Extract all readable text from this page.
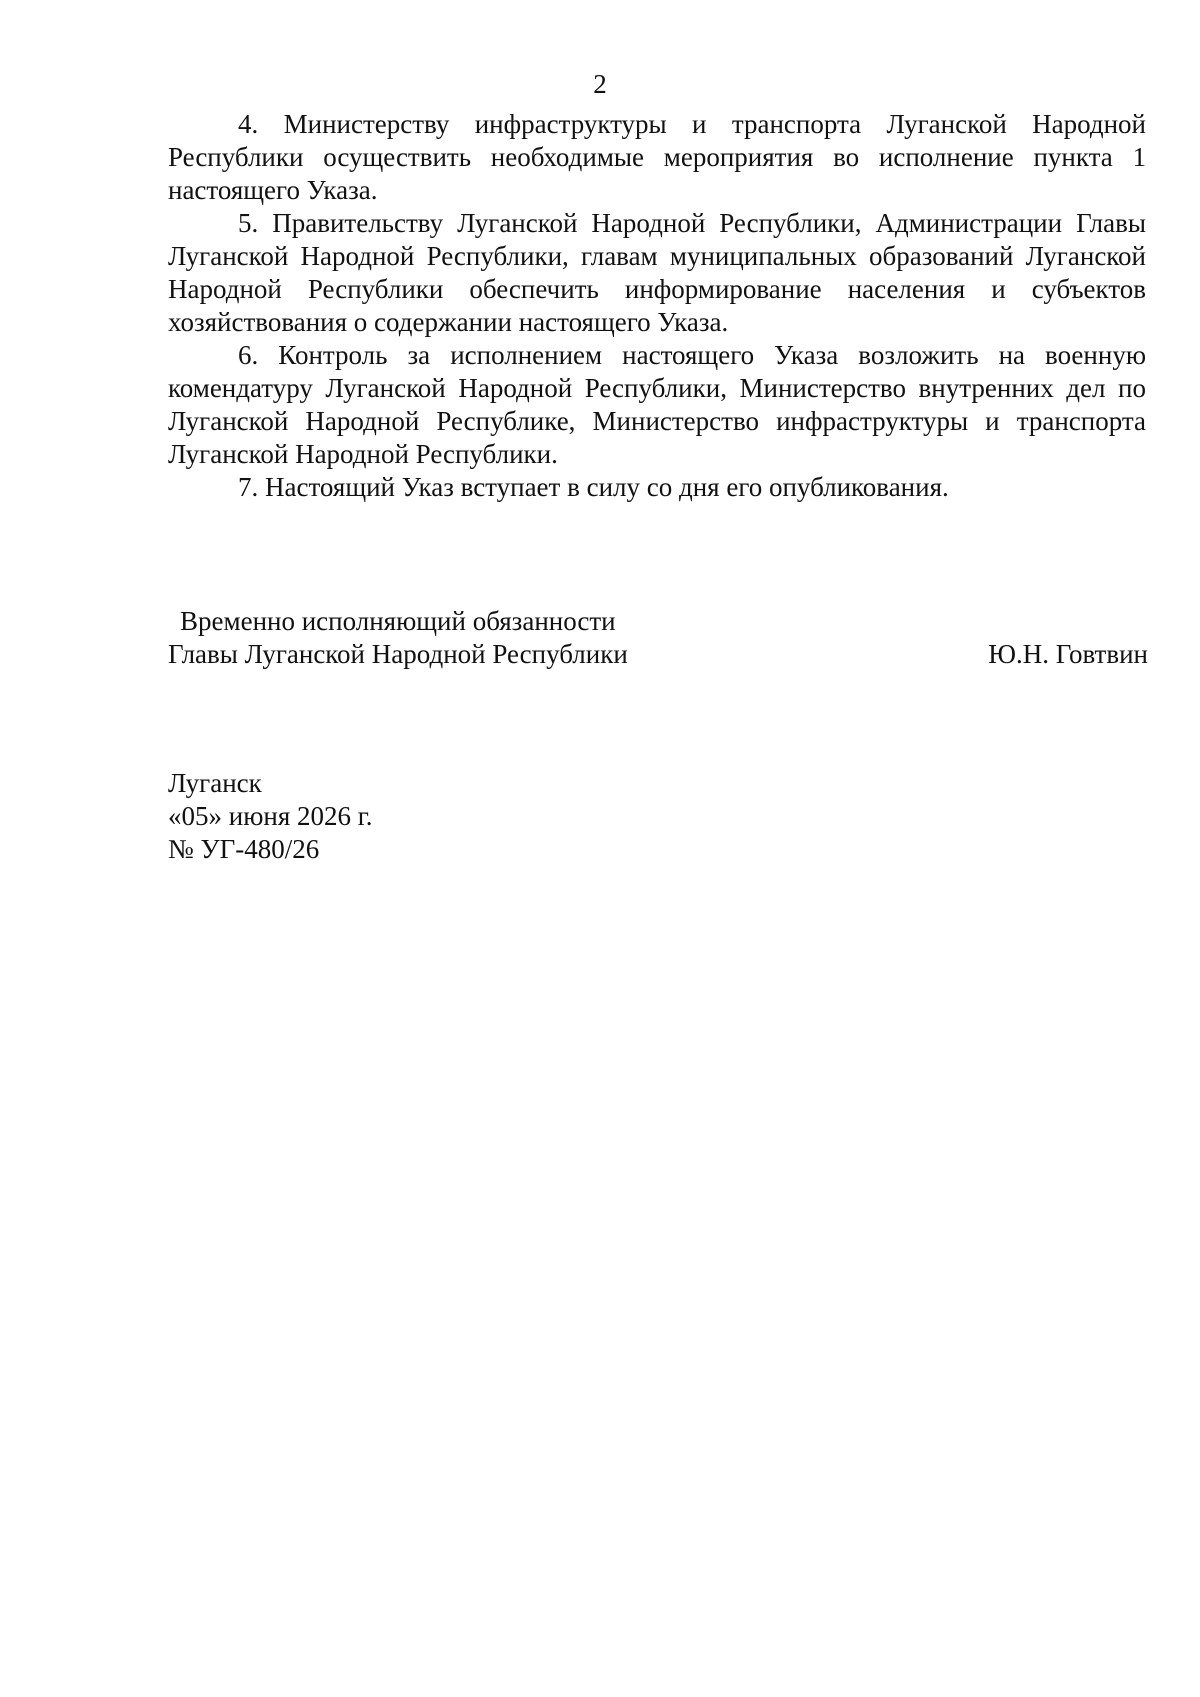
2

4. Министерству инфраструктуры и транспорта Луганской Народной Республики осуществить необходимые мероприятия во исполнение пункта 1 настоящего Указа.

5. Правительству Луганской Народной Республики, Администрации Главы Луганской Народной Республики, главам муниципальных образований Луганской Народной Республики обеспечить информирование населения и субъектов хозяйствования о содержании настоящего Указа.

6. Контроль за исполнением настоящего Указа возложить на военную комендатуру Луганской Народной Республики, Министерство внутренних дел по Луганской Народной Республике, Министерство инфраструктуры и транспорта Луганской Народной Республики.

7. Настоящий Указ вступает в силу со дня его опубликования.

Временно исполняющий обязанности
Главы Луганской Народной Республики	Ю.Н. Говтвин
Луганск
«05» июня 2026 г.
№ УГ-480/26
